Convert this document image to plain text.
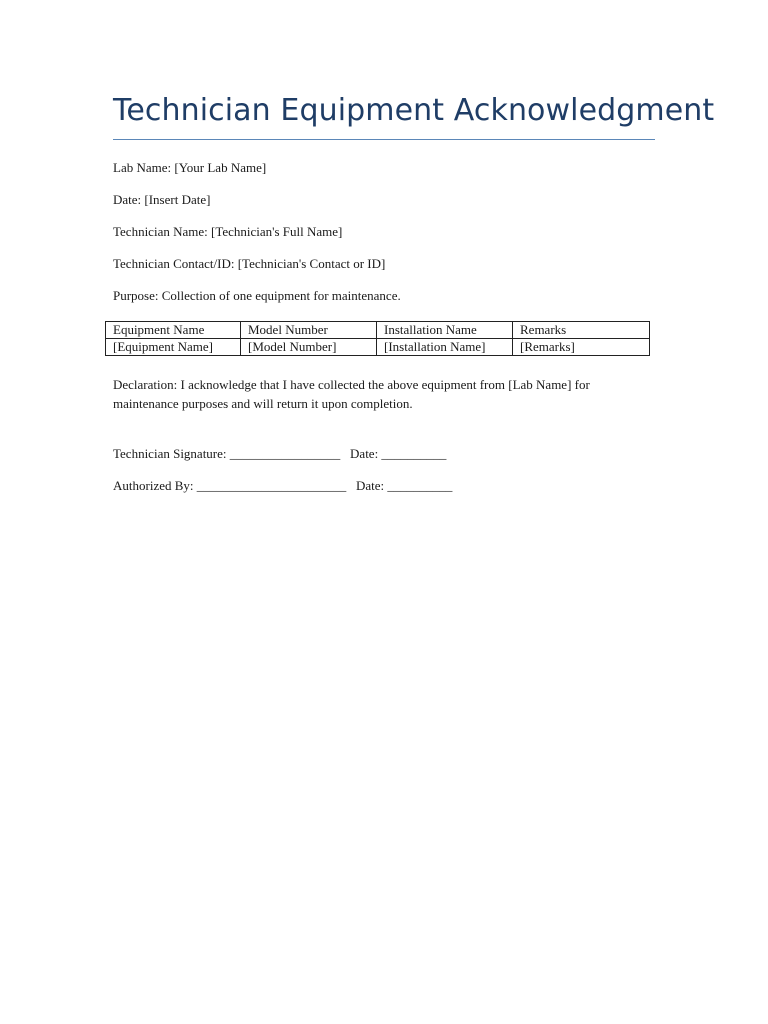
Technician Equipment Acknowledgment
Lab Name: [Your Lab Name]
Date: [Insert Date]
Technician Name: [Technician's Full Name]
Technician Contact/ID: [Technician's Contact or ID]
Purpose: Collection of one equipment for maintenance.
Equipment Name	Model Number	Installation Name	Remarks
[Equipment Name]	[Model Number]	[Installation Name]	[Remarks]
Declaration: I acknowledge that I have collected the above equipment from [Lab Name] for maintenance purposes and will return it upon completion.
Technician Signature: _________________ Date: __________
Authorized By: _______________________ Date: __________
